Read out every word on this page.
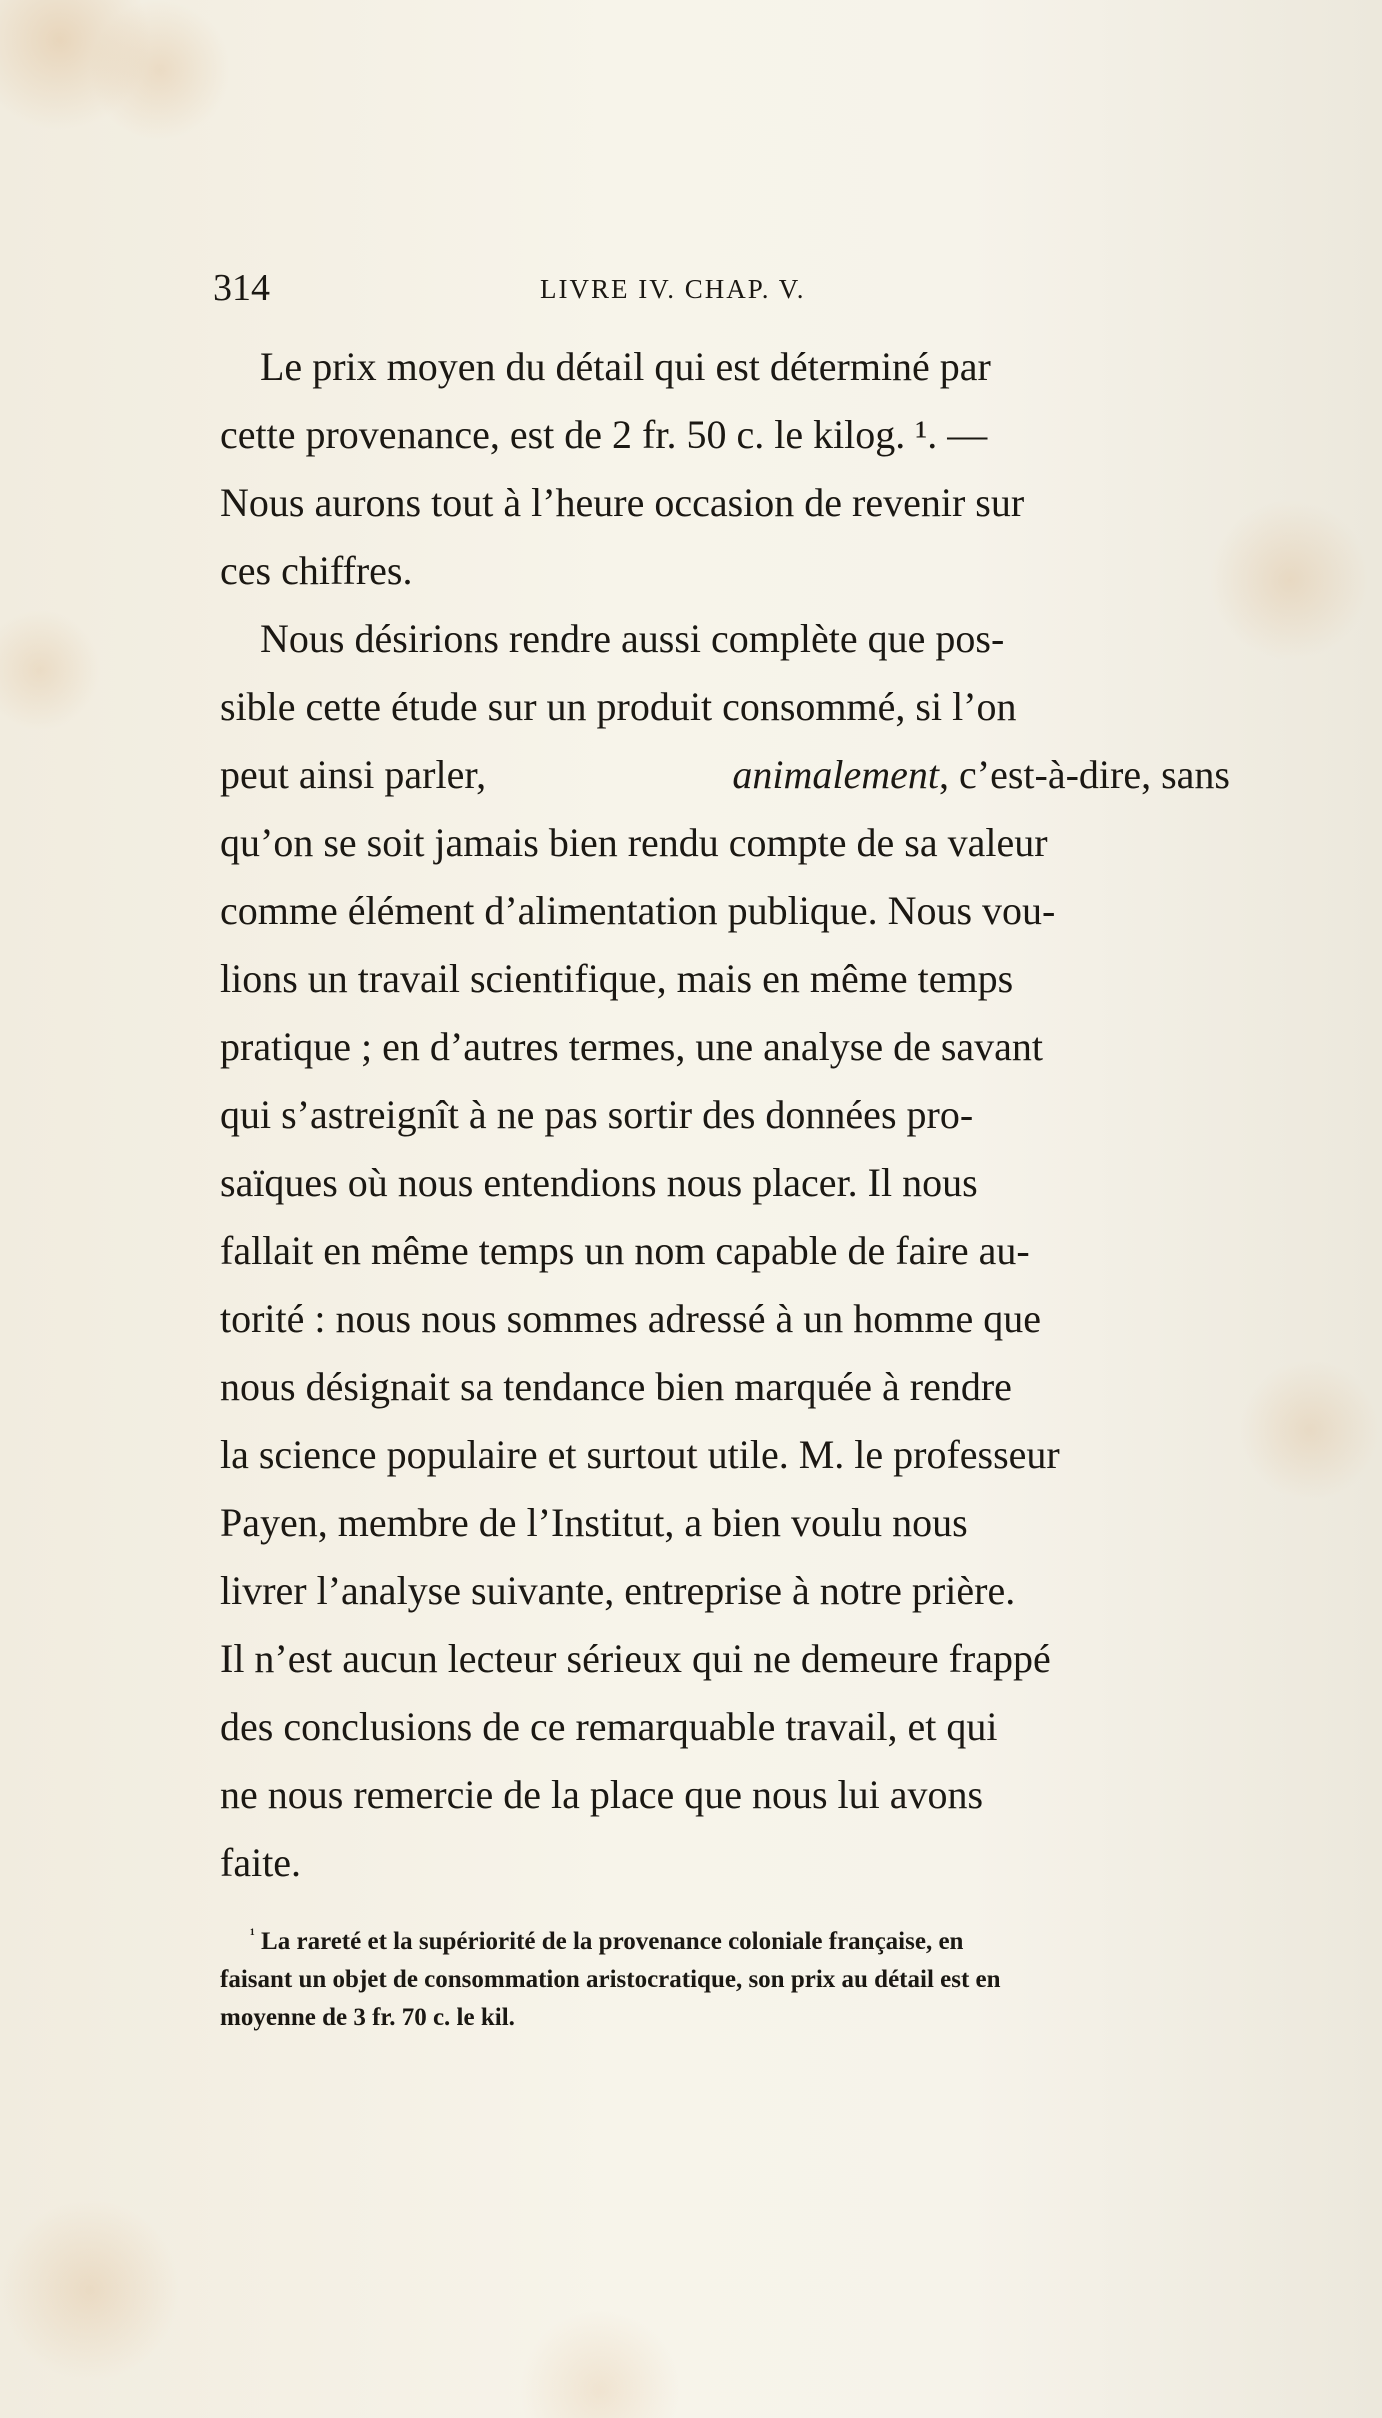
314	LIVRE IV. CHAP. V.
Le prix moyen du détail qui est déterminé par
cette provenance, est de 2 fr. 50 c. le kilog. ¹. —
Nous aurons tout à l’heure occasion de revenir sur
ces chiffres.
Nous désirions rendre aussi complète que pos-
sible cette étude sur un produit consommé, si l’on
peut ainsi parler,	animalement, c’est-à-dire, sans
qu’on se soit jamais bien rendu compte de sa valeur
comme élément d’alimentation publique. Nous vou-
lions un travail scientifique, mais en même temps
pratique ; en d’autres termes, une analyse de savant
qui s’astreignît à ne pas sortir des données pro-
saïques où nous entendions nous placer. Il nous
fallait en même temps un nom capable de faire au-
torité : nous nous sommes adressé à un homme que
nous désignait sa tendance bien marquée à rendre
la science populaire et surtout utile. M. le professeur
Payen, membre de l’Institut, a bien voulu nous
livrer l’analyse suivante, entreprise à notre prière.
Il n’est aucun lecteur sérieux qui ne demeure frappé
des conclusions de ce remarquable travail, et qui
ne nous remercie de la place que nous lui avons
faite.
$^{^1}$ La rareté et la supériorité de la provenance coloniale française, en
faisant un objet de consommation aristocratique, son prix au détail est en
moyenne de 3 fr. 70 c. le kil.
